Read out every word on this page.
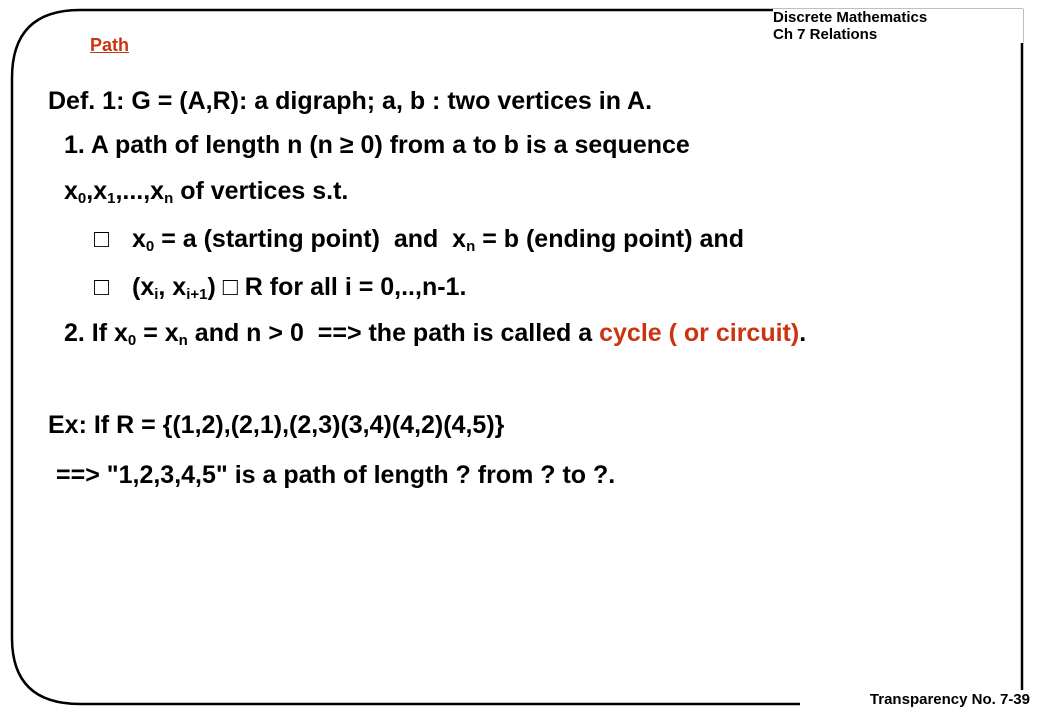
Discrete Mathematics
Ch 7 Relations
Path
Def. 1: G = (A,R): a digraph; a, b : two vertices in A.
1. A path of length n (n ≥ 0) from a to b is a sequence
$x_0,x_1,...,x_n$ of vertices s.t.
□ $x_0 = a$ (starting point)  and  $x_n = b$ (ending point) and
□ ($x_i$, $x_{i+1}$) □ R for all i = 0,..,n-1.
2. If $x_0 = x_n$ and n > 0  ==> the path is called a cycle ( or circuit).
Ex: If R = {(1,2),(2,1),(2,3)(3,4)(4,2)(4,5)}
==> "1,2,3,4,5" is a path of length ? from ? to ?.
Transparency No. 7-39
